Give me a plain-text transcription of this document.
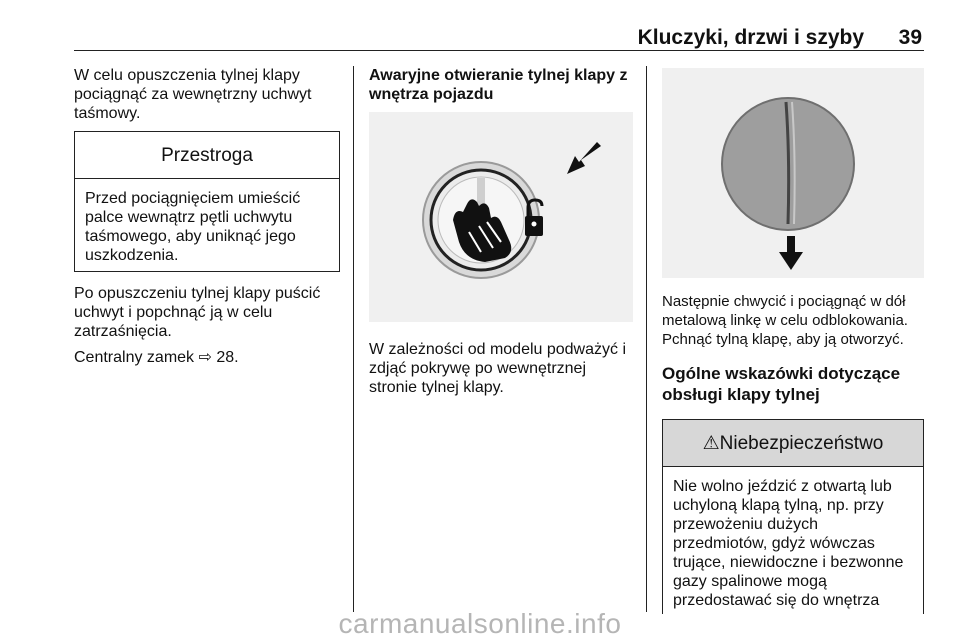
Kluczyki, drzwi i szyby 39

W celu opuszczenia tylnej klapy
pociągnąć za wewnętrzny uchwyt
taśmowy.

Przestroga
Przed pociągnięciem umieścić
palce wewnątrz pętli uchwytu
taśmowego, aby uniknąć jego
uszkodzenia.

Po opuszczeniu tylnej klapy puścić
uchwyt i popchnąć ją w celu
zatrzaśnięcia.

Centralny zamek ⇨ 28.

Awaryjne otwieranie tylnej klapy z
wnętrza pojazdu

W zależności od modelu podważyć i
zdjąć pokrywę po wewnętrznej
stronie tylnej klapy.

Następnie chwycić i pociągnąć w dół
metalową linkę w celu odblokowania.
Pchnąć tylną klapę, aby ją otworzyć.

Ogólne wskazówki dotyczące
obsługi klapy tylnej

⚠ Niebezpieczeństwo
Nie wolno jeździć z otwartą lub
uchyloną klapą tylną, np. przy
przewożeniu dużych
przedmiotów, gdyż wówczas
trujące, niewidoczne i bezwonne
gazy spalinowe mogą
przedostawać się do wnętrza
carmanualsonline.info
